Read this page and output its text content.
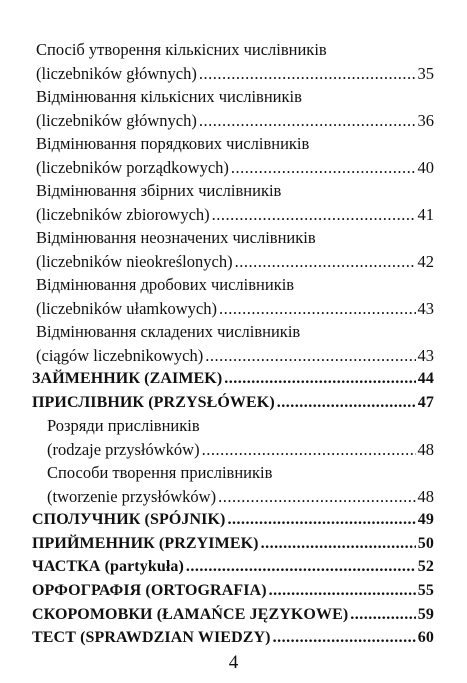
Спосіб утворення кількісних числівників
(liczebników głównych) .....	35
Відмінювання кількісних числівників
(liczebników głównych) .....	36
Відмінювання порядкових числівників
(liczebników porządkowych) .....	40
Відмінювання збірних числівників
(liczebników zbiorowych) .....	41
Відмінювання неозначених числівників
(liczebników nieokreślonych) .....	42
Відмінювання дробових числівників
(liczebników ułamkowych) .....	43
Відмінювання складених числівників
(ciągów liczebnikowych) .....	43
ЗАЙМЕННИК (ZAIMEK) .....	44
ПРИСЛІВНИК (PRZYSŁÓWEK) .....	47
Розряди прислівників
(rodzaje przysłówków) .....	48
Способи творення прислівників
(tworzenie przysłówków) .....	48
СПОЛУЧНИК (SPÓJNIK) .....	49
ПРИЙМЕННИК (PRZYIMEK) .....	50
ЧАСТКА (partykuła) .....	52
ОРФОГРАФІЯ (ORTOGRAFIA) .....	55
СКОРОМОВКИ (ŁAMAŃCE JĘZYKOWE) .....	59
ТЕСТ (SPRAWDZIAN WIEDZY) .....	60
4
